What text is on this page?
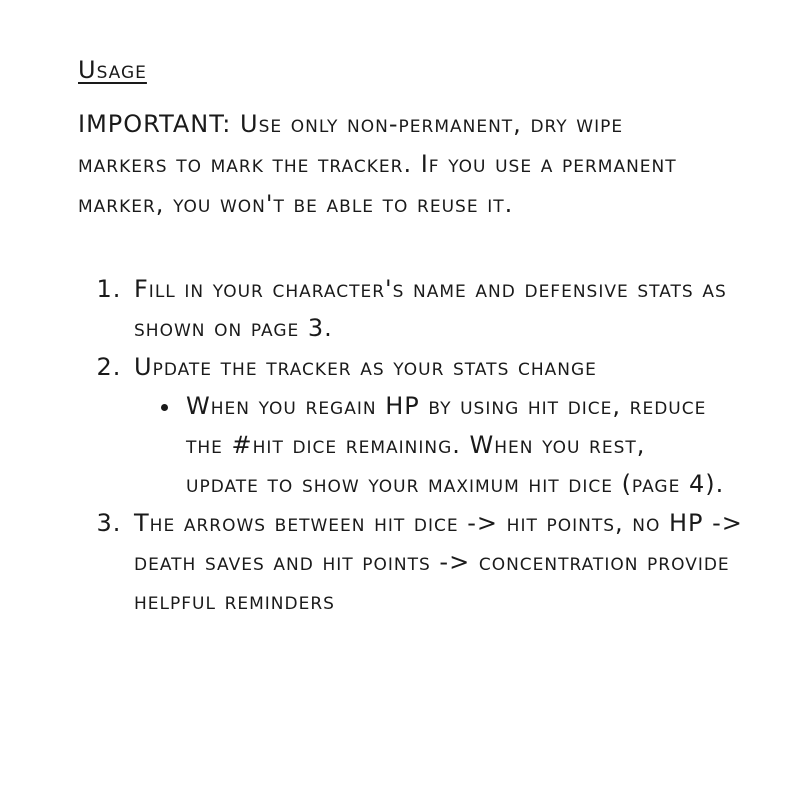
Usage
IMPORTANT: Use only non-permanent, dry wipe markers to mark the tracker. If you use a permanent marker, you won't be able to reuse it.
1. Fill in your character's name and defensive stats as shown on page 3.
2. Update the tracker as your stats change
• When you regain HP by using hit dice, reduce the #hit dice remaining. When you rest, update to show your maximum hit dice (page 4).
3. The arrows between hit dice -> hit points, no HP -> death saves and hit points -> concentration provide helpful reminders
